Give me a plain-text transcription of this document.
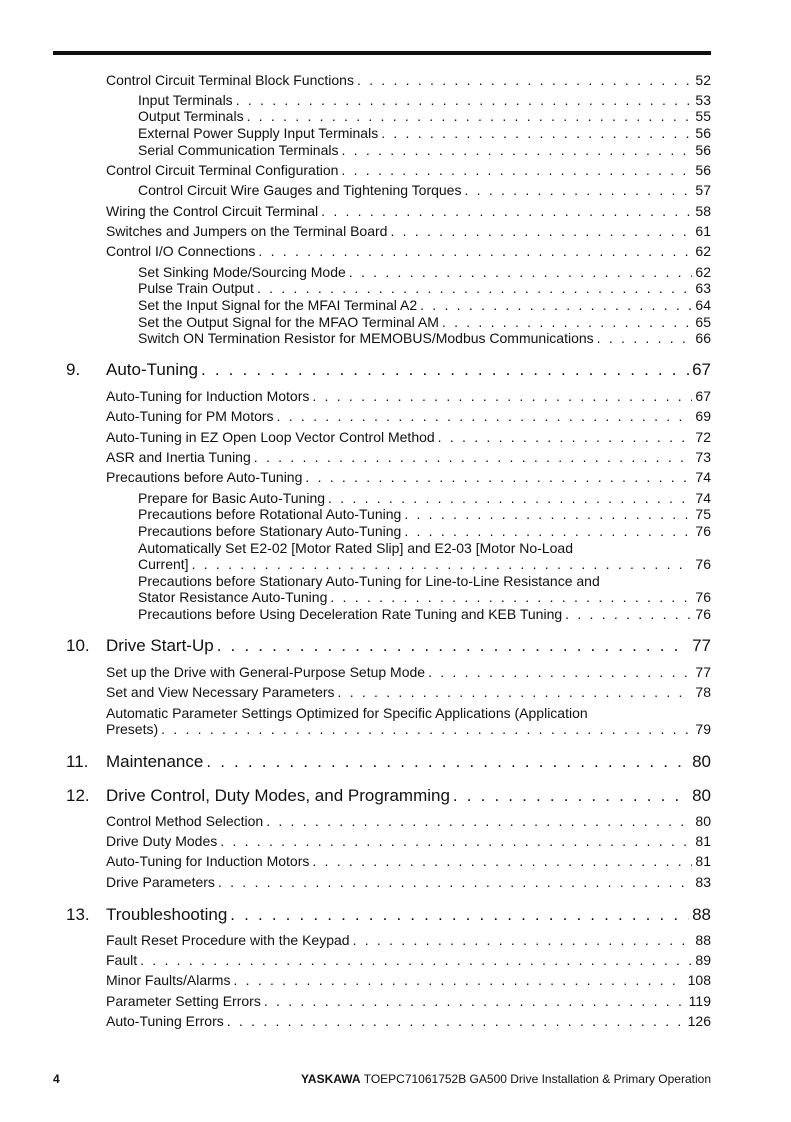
Control Circuit Terminal Block Functions . . .	52
Input Terminals . . .	53
Output Terminals . . .	55
External Power Supply Input Terminals . . .	56
Serial Communication Terminals . . .	56
Control Circuit Terminal Configuration . . .	56
Control Circuit Wire Gauges and Tightening Torques . . .	57
Wiring the Control Circuit Terminal . . .	58
Switches and Jumpers on the Terminal Board . . .	61
Control I/O Connections . . .	62
Set Sinking Mode/Sourcing Mode . . .	62
Pulse Train Output . . .	63
Set the Input Signal for the MFAI Terminal A2 . . .	64
Set the Output Signal for the MFAO Terminal AM . . .	65
Switch ON Termination Resistor for MEMOBUS/Modbus Communications . . .	66
9.	Auto-Tuning . . .	67
Auto-Tuning for Induction Motors . . .	67
Auto-Tuning for PM Motors . . .	69
Auto-Tuning in EZ Open Loop Vector Control Method . . .	72
ASR and Inertia Tuning . . .	73
Precautions before Auto-Tuning . . .	74
Prepare for Basic Auto-Tuning . . .	74
Precautions before Rotational Auto-Tuning . . .	75
Precautions before Stationary Auto-Tuning . . .	76
Automatically Set E2-02 [Motor Rated Slip] and E2-03 [Motor No-Load
Current] . . .	76
Precautions before Stationary Auto-Tuning for Line-to-Line Resistance and
Stator Resistance Auto-Tuning . . .	76
Precautions before Using Deceleration Rate Tuning and KEB Tuning . . .	76
10. Drive Start-Up . . .	77
Set up the Drive with General-Purpose Setup Mode . . .	77
Set and View Necessary Parameters . . .	78
Automatic Parameter Settings Optimized for Specific Applications (Application
Presets) . . .	79
11.	Maintenance . . .	80
12. Drive Control, Duty Modes, and Programming . . .	80
Control Method Selection . . .	80
Drive Duty Modes . . .	81
Auto-Tuning for Induction Motors . . .	81
Drive Parameters . . .	83
13. Troubleshooting . . .	88
Fault Reset Procedure with the Keypad . . .	88
Fault . . .	89
Minor Faults/Alarms . . .	108
Parameter Setting Errors . . .	119
Auto-Tuning Errors . . .	126
4	YASKAWA TOEPC71061752B GA500 Drive Installation & Primary Operation
